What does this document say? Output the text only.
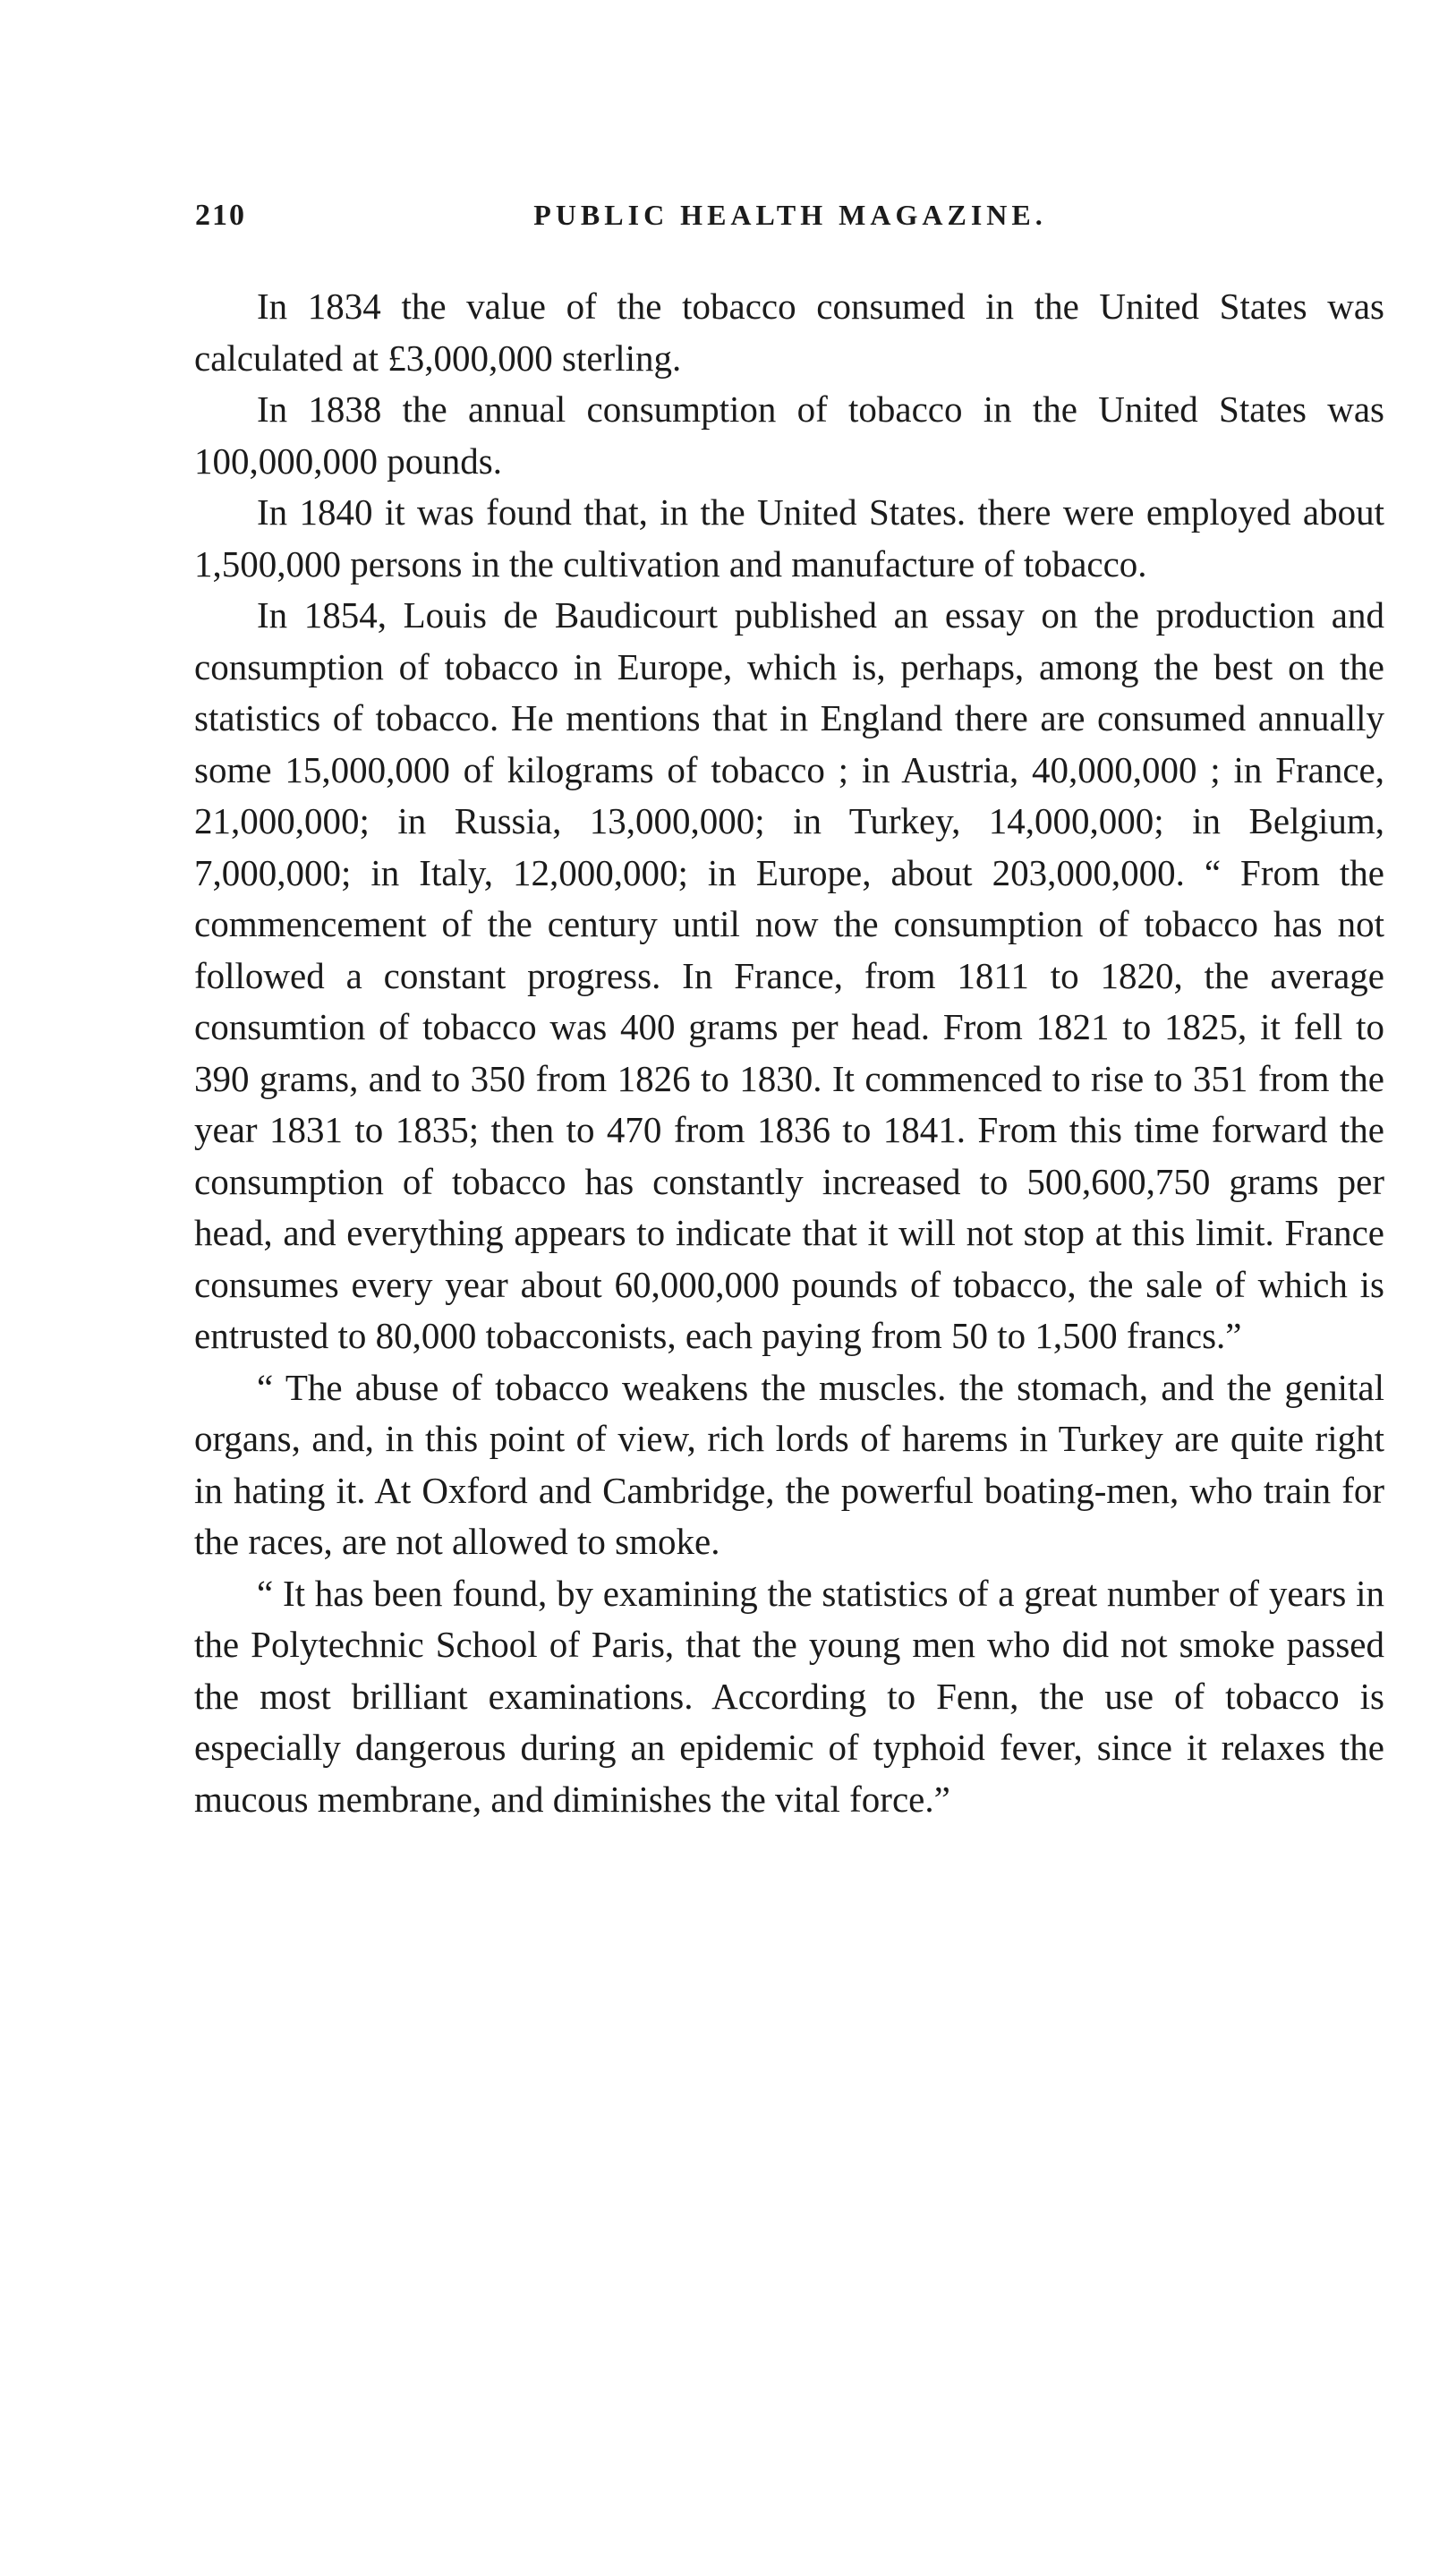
210	PUBLIC HEALTH MAGAZINE.

In 1834 the value of the tobacco consumed in the United States was calculated at £3,000,000 sterling.

In 1838 the annual consumption of tobacco in the United States was 100,000,000 pounds.

In 1840 it was found that, in the United States. there were employed about 1,500,000 persons in the cultivation and manufacture of tobacco.

In 1854, Louis de Baudicourt published an essay on the production and consumption of tobacco in Europe, which is, perhaps, among the best on the statistics of tobacco. He mentions that in England there are consumed annually some 15,000,000 of kilograms of tobacco ; in Austria, 40,000,000 ; in France, 21,000,000; in Russia, 13,000,000; in Turkey, 14,000,000; in Belgium, 7,000,000; in Italy, 12,000,000; in Europe, about 203,000,000. “ From the commencement of the century until now the consumption of tobacco has not followed a constant progress. In France, from 1811 to 1820, the average consumtion of tobacco was 400 grams per head. From 1821 to 1825, it fell to 390 grams, and to 350 from 1826 to 1830. It commenced to rise to 351 from the year 1831 to 1835; then to 470 from 1836 to 1841. From this time forward the consumption of tobacco has constantly increased to 500,600,750 grams per head, and everything appears to indicate that it will not stop at this limit. France consumes every year about 60,000,000 pounds of tobacco, the sale of which is entrusted to 80,000 tobacconists, each paying from 50 to 1,500 francs.”

“ The abuse of tobacco weakens the muscles. the stomach, and the genital organs, and, in this point of view, rich lords of harems in Turkey are quite right in hating it. At Oxford and Cambridge, the powerful boating-men, who train for the races, are not allowed to smoke.

“ It has been found, by examining the statistics of a great number of years in the Polytechnic School of Paris, that the young men who did not smoke passed the most brilliant examinations. According to Fenn, the use of tobacco is especially dangerous during an epidemic of typhoid fever, since it relaxes the mucous membrane, and diminishes the vital force.”
